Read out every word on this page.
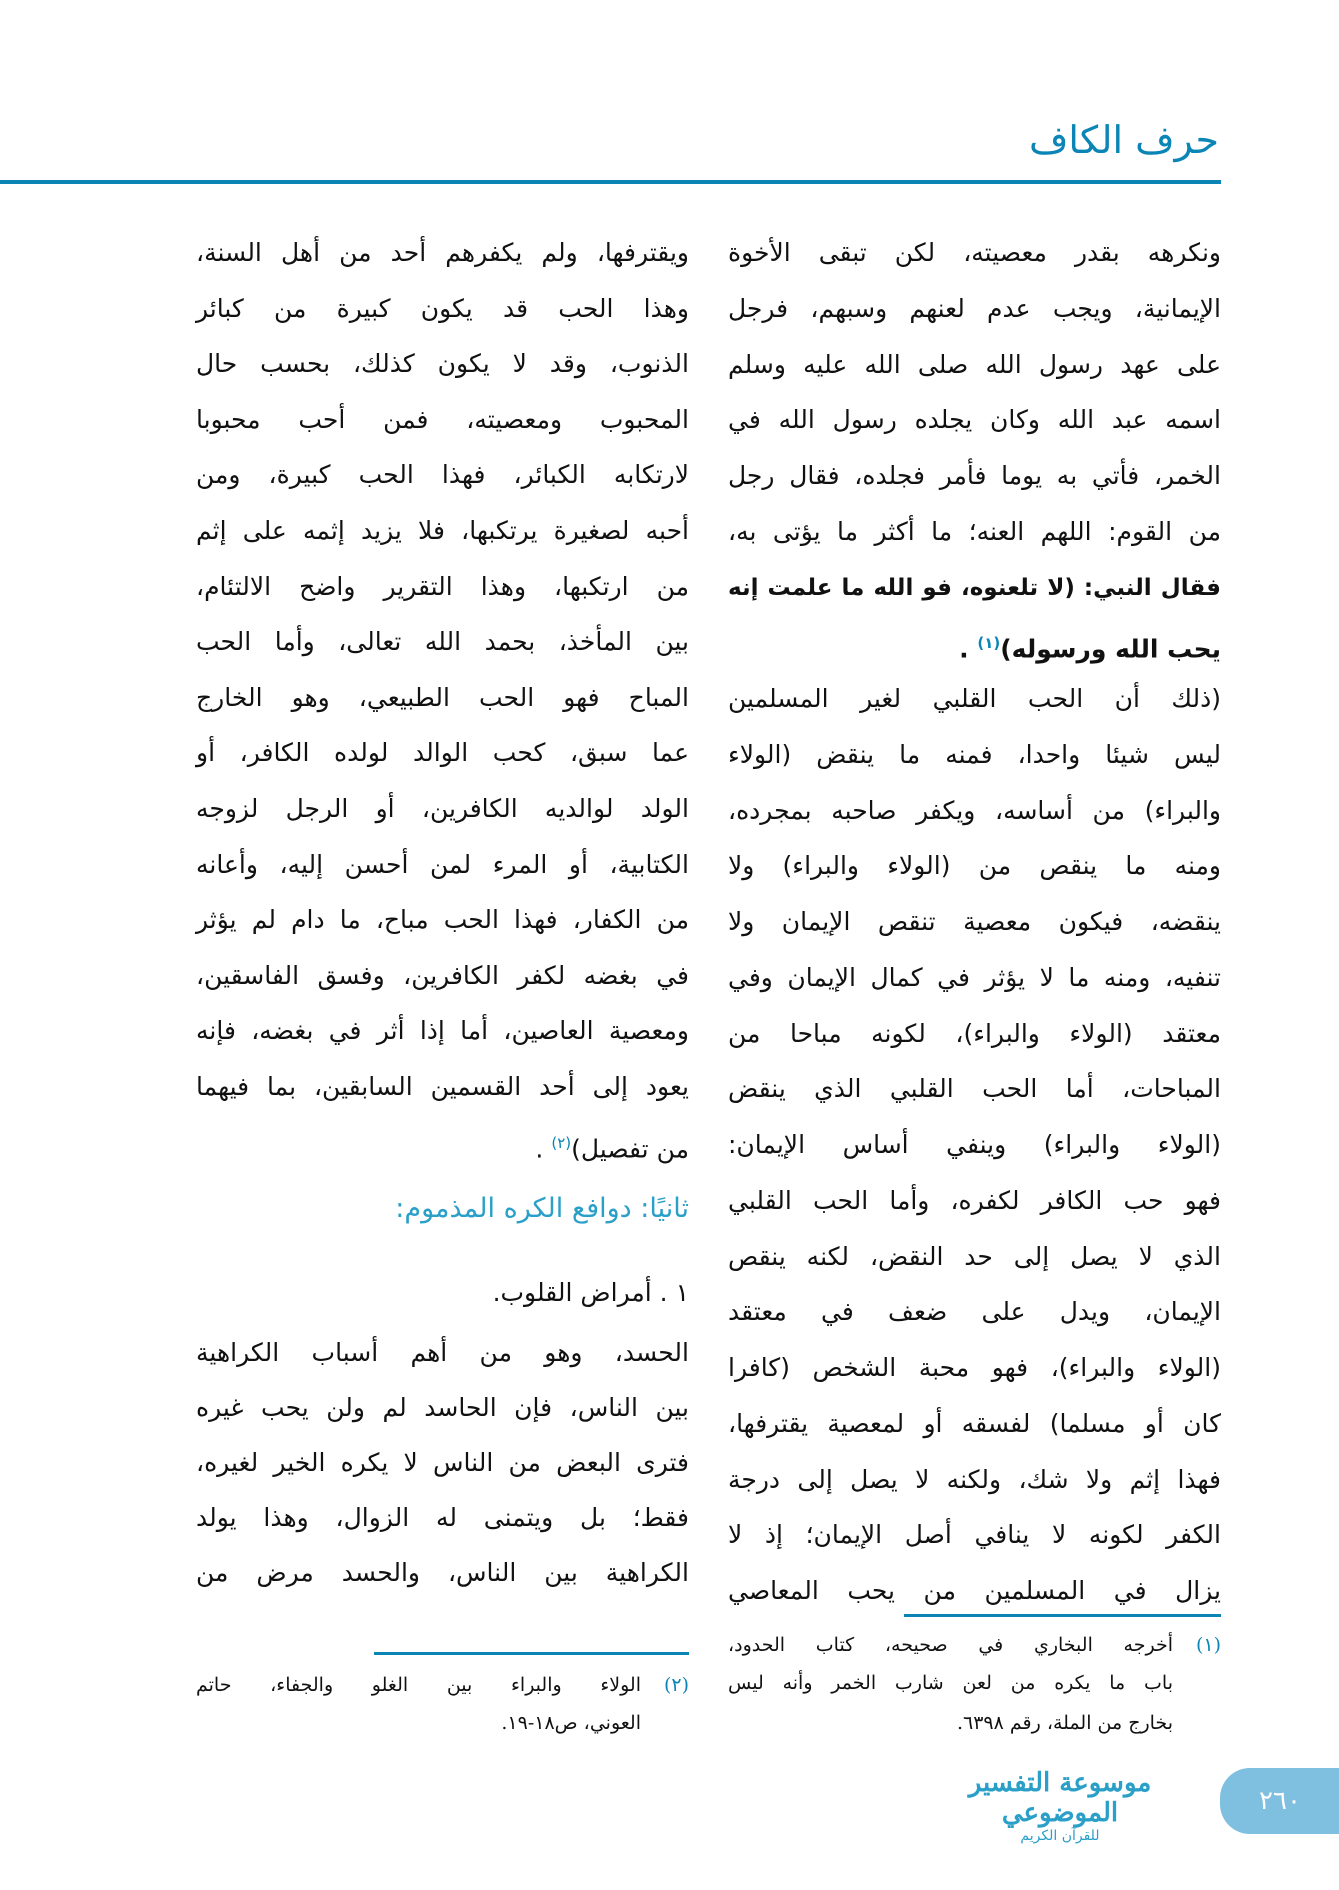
حرف الكاف
ونكرهه بقدر معصيته، لكن تبقى الأخوة
الإيمانية، ويجب عدم لعنهم وسبهم، فرجل
على عهد رسول الله صلى الله عليه وسلم
اسمه عبد الله وكان يجلده رسول الله في
الخمر، فأتي به يوما فأمر فجلده، فقال رجل
من القوم: اللهم العنه؛ ما أكثر ما يؤتى به،
فقال النبي: (لا تلعنوه، فو الله ما علمت إنه
يحب الله ورسوله)$^{(١)}$ .
(ذلك أن الحب القلبي لغير المسلمين
ليس شيئا واحدا، فمنه ما ينقض (الولاء
والبراء) من أساسه، ويكفر صاحبه بمجرده،
ومنه ما ينقص من (الولاء والبراء) ولا
ينقضه، فيكون معصية تنقص الإيمان ولا
تنفيه، ومنه ما لا يؤثر في كمال الإيمان وفي
معتقد (الولاء والبراء)، لكونه مباحا من
المباحات، أما الحب القلبي الذي ينقض
(الولاء والبراء) وينفي أساس الإيمان:
فهو حب الكافر لكفره، وأما الحب القلبي
الذي لا يصل إلى حد النقض، لكنه ينقص
الإيمان، ويدل على ضعف في معتقد
(الولاء والبراء)، فهو محبة الشخص (كافرا
كان أو مسلما) لفسقه أو لمعصية يقترفها،
فهذا إثم ولا شك، ولكنه لا يصل إلى درجة
الكفر لكونه لا ينافي أصل الإيمان؛ إذ لا
يزال في المسلمين من يحب المعاصي
ويقترفها، ولم يكفرهم أحد من أهل السنة،
وهذا الحب قد يكون كبيرة من كبائر
الذنوب، وقد لا يكون كذلك، بحسب حال
المحبوب ومعصيته، فمن أحب محبوبا
لارتكابه الكبائر، فهذا الحب كبيرة، ومن
أحبه لصغيرة يرتكبها، فلا يزيد إثمه على إثم
من ارتكبها، وهذا التقرير واضح الالتئام،
بين المأخذ، بحمد الله تعالى، وأما الحب
المباح فهو الحب الطبيعي، وهو الخارج
عما سبق، كحب الوالد لولده الكافر، أو
الولد لوالديه الكافرين، أو الرجل لزوجه
الكتابية، أو المرء لمن أحسن إليه، وأعانه
من الكفار، فهذا الحب مباح، ما دام لم يؤثر
في بغضه لكفر الكافرين، وفسق الفاسقين،
ومعصية العاصين، أما إذا أثر في بغضه، فإنه
يعود إلى أحد القسمين السابقين، بما فيهما
من تفصيل)$^{(٢)}$ .
ثانيًا: دوافع الكره المذموم:
١ . أمراض القلوب.
الحسد، وهو من أهم أسباب الكراهية
بين الناس، فإن الحاسد لم ولن يحب غيره
فترى البعض من الناس لا يكره الخير لغيره،
فقط؛ بل ويتمنى له الزوال، وهذا يولد
الكراهية بين الناس، والحسد مرض من
(١)
أخرجه البخاري في صحيحه، كتاب الحدود،
باب ما يكره من لعن شارب الخمر وأنه ليس
بخارج من الملة، رقم ٦٣٩٨.
(٢)
الولاء والبراء بين الغلو والجفاء، حاتم
العوني، ص١٨-١٩.
موسوعة التفسير الموضوعي
للقرآن الكريم
٢٦٠
